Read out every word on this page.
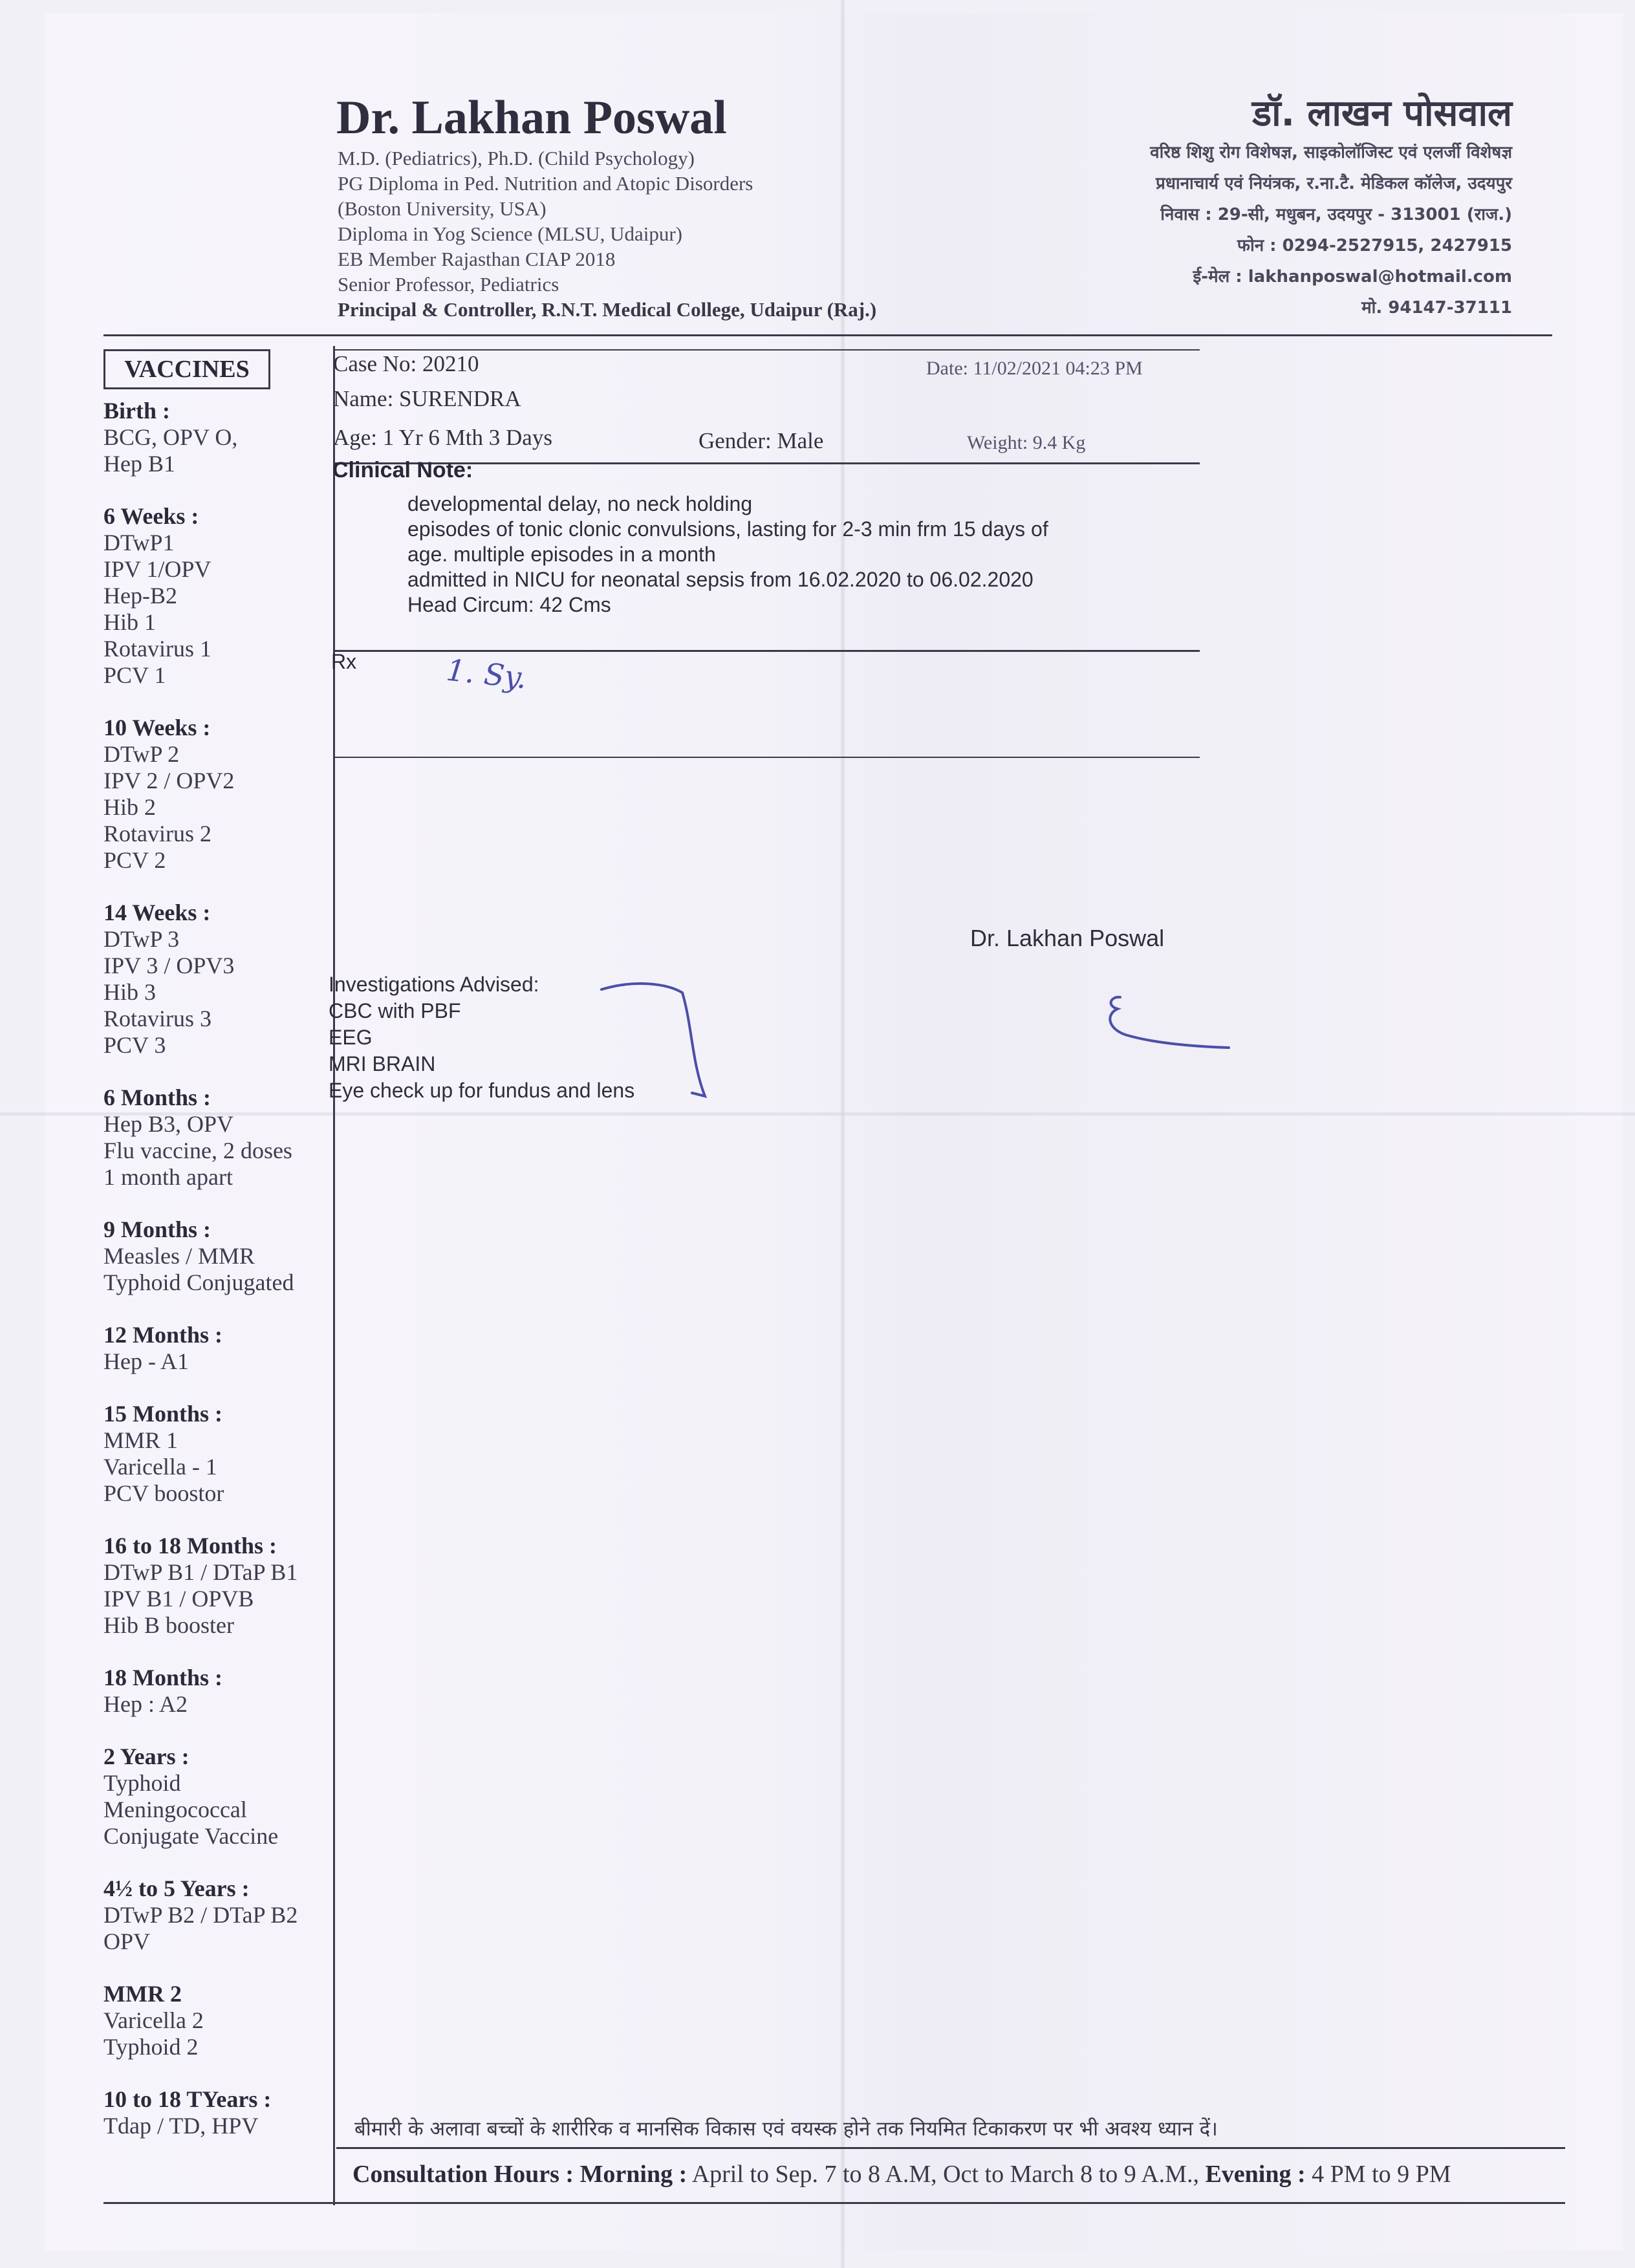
Dr. Lakhan Poswal
M.D. (Pediatrics), Ph.D. (Child Psychology)
PG Diploma in Ped. Nutrition and Atopic Disorders
(Boston University, USA)
Diploma in Yog Science (MLSU, Udaipur)
EB Member Rajasthan CIAP 2018
Senior Professor, Pediatrics
Principal & Controller, R.N.T. Medical College, Udaipur (Raj.)
डॉ. लाखन पोसवाल
वरिष्ठ शिशु रोग विशेषज्ञ, साइकोलॉजिस्ट एवं एलर्जी विशेषज्ञ
प्रधानाचार्य एवं नियंत्रक, र.ना.टै. मेडिकल कॉलेज, उदयपुर
निवास : 29-सी, मधुबन, उदयपुर - 313001 (राज.)
फोन : 0294-2527915, 2427915
ई-मेल : lakhanposwal@hotmail.com
मो. 94147-37111
VACCINES
Birth :
BCG, OPV O,
Hep B1
6 Weeks :
DTwP1
IPV 1/OPV
Hep-B2
Hib 1
Rotavirus 1
PCV 1
10 Weeks :
DTwP 2
IPV 2 / OPV2
Hib 2
Rotavirus 2
PCV 2
14 Weeks :
DTwP 3
IPV 3 / OPV3
Hib 3
Rotavirus 3
PCV 3
6 Months :
Hep B3, OPV
Flu vaccine, 2 doses
1 month apart
9 Months :
Measles / MMR
Typhoid Conjugated
12 Months :
Hep - A1
15 Months :
MMR 1
Varicella - 1
PCV boostor
16 to 18 Months :
DTwP B1 / DTaP B1
IPV B1 / OPVB
Hib B booster
18 Months :
Hep : A2
2 Years :
Typhoid
Meningococcal
Conjugate Vaccine
4½ to 5 Years :
DTwP B2 / DTaP B2
OPV
MMR 2
Varicella 2
Typhoid 2
10 to 18 TYears :
Tdap / TD, HPV
Case No: 20210	Date: 11/02/2021 04:23 PM
Name: SURENDRA
Age: 1 Yr 6 Mth 3 Days	Gender: Male	Weight: 9.4 Kg
Clinical Note:
developmental delay, no neck holding
episodes of tonic clonic convulsions, lasting for 2-3 min frm 15 days of
age. multiple episodes in a month
admitted in NICU for neonatal sepsis from 16.02.2020 to 06.02.2020
Head Circum: 42 Cms
Rx	1. Sy.
Dr. Lakhan Poswal
Investigations Advised:
CBC with PBF
EEG
MRI BRAIN
Eye check up for fundus and lens
बीमारी के अलावा बच्चों के शारीरिक व मानसिक विकास एवं वयस्क होने तक नियमित टिकाकरण पर भी अवश्य ध्यान दें।
Consultation Hours : Morning : April to Sep. 7 to 8 A.M, Oct to March 8 to 9 A.M., Evening : 4 PM to 9 PM
